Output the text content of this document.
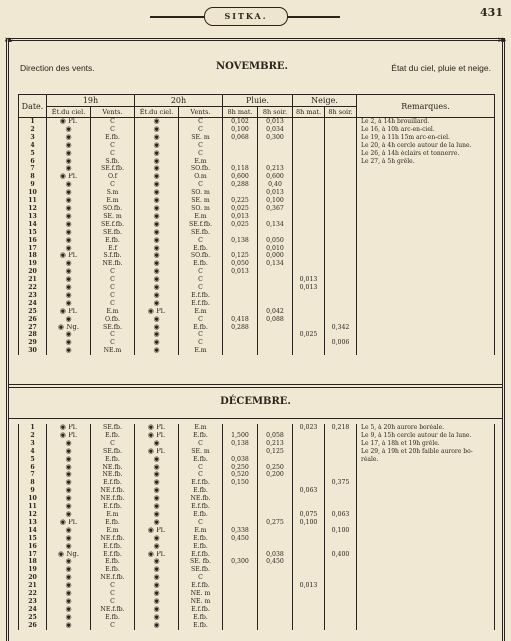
SITKA.	431
❧	❧
Direction des vents.	NOVEMBRE.	État du ciel, pluie et neige.
Date.	19h		20h		Pluie.		Neige.		Remarques.
	Ét.du ciel.	Vents.	Ét.du ciel.	Vents.	8h mat.	8h soir.	8h mat.	8h soir.	
1	◉ Pl.	C	◉	C	0,102	0,013			Le 2, à 14h brouillard.
2	◉	C	◉	C	0,100	0,034			Le 16, à 10h arc-en-ciel.
3	◉	E.fb.	◉	SE. m	0,068	0,300			Le 19, à 11h 15m arc-en-ciel.
4	◉	C	◉	C					Le 20, à 4h cercle autour de la lune.
5	◉	C	◉	C					Le 26, à 14h éclairs et tonnerre.
6	◉	S.fb.	◉	E.m					Le 27, à 5h grêle.
7	◉	SE.f.fb.	◉	SO.fb.	0,118	0,213			
8	◉ Pl.	O.f	◉	O.m	0,600	0,600			
9	◉	C	◉	C	0,288	0,40			
10	◉	S.m	◉	SO. m		0,013			
11	◉	E.m	◉	SE. m	0,225	0,100			
12	◉	SO.fb.	◉	SO. m	0,025	0,367			
13	◉	SE. m	◉	E.m	0,013				
14	◉	SE.f.fb.	◉	SE.f.fb.	0,025	0,134			
15	◉	SE.fb.	◉	SE.fb.					
16	◉	E.fb.	◉	C	0,138	0,050			
17	◉	E.f	◉	E.fb.		0,010			
18	◉ Pl.	S.f.fb.	◉	SO.fb.	0,125	0,000			
19	◉	NE.fb.	◉	E.fb.	0,050	0,134			
20	◉	C	◉	C	0,013				
21	◉	C	◉	C			0,013		
22	◉	C	◉	C			0,013		
23	◉	C	◉	E.f.fb.					
24	◉	C	◉	E.f.fb.					
25	◉ Pl.	E.m	◉ Pl.	E.m		0,042			
26	◉	O.fb.	◉	C	0,418	0,088			
27	◉ Ng.	SE.fb.	◉	E.fb.	0,288			0,342	
28	◉	C	◉	C			0,025		
29	◉	C	◉	C				0,006	
30	◉	NE.m	◉	E.m					
DÉCEMBRE.
1	◉ Pl.	SE.fb.	◉ Pl.	E.m			0,023	0,218	Le 5, à 20h aurore boréale.
2	◉ Pl.	E.fb.	◉ Pl.	E.fb.	1,500	0,058			Le 9, à 15h cercle autour de la lune.
3	◉	C	◉	C	0,138	0,213			Le 17, à 18h et 19h grêle.
4	◉	SE.fb.	◉ Pl.	SE. m		0,125			Le 29, à 19h et 20h faible aurore bo-
5	◉	E.fb.	◉	E.fb.	0,038				réale.
6	◉	NE.fb.	◉	C	0,250	0,250			
7	◉	NE.fb.	◉	C	0,520	0,200			
8	◉	E.f.fb.	◉	E.f.fb.	0,150			0,375	
9	◉	NE.f.fb.	◉	E.fb.			0,063		
10	◉	NE.f.fb.	◉	NE.fb.					
11	◉	E.f.fb.	◉	E.f.fb.					
12	◉	E.m	◉	E.fb.			0,075	0,063	
13	◉ Pl.	E.fb.	◉	C		0,275	0,100		
14	◉	E.m	◉ Pl.	E.m	0,338			0,100	
15	◉	NE.f.fb.	◉	E.fb.	0,450				
16	◉	E.f.fb.	◉	E.fb.					
17	◉ Ng.	E.f.fb.	◉ Pl.	E.f.fb.		0,038		0,400	
18	◉	E.fb.	◉	SE. fb.	0,300	0,450			
19	◉	E.fb.	◉	SE.fb.					
20	◉	NE.f.fb.	◉	C					
21	◉	C	◉	E.f.fb.			0,013		
22	◉	C	◉	NE. m					
23	◉	C	◉	NE. m					
24	◉	NE.f.fb.	◉	E.f.fb.					
25	◉	E.fb.	◉	E.fb.					
26	◉	C	◉	E.fb.					
